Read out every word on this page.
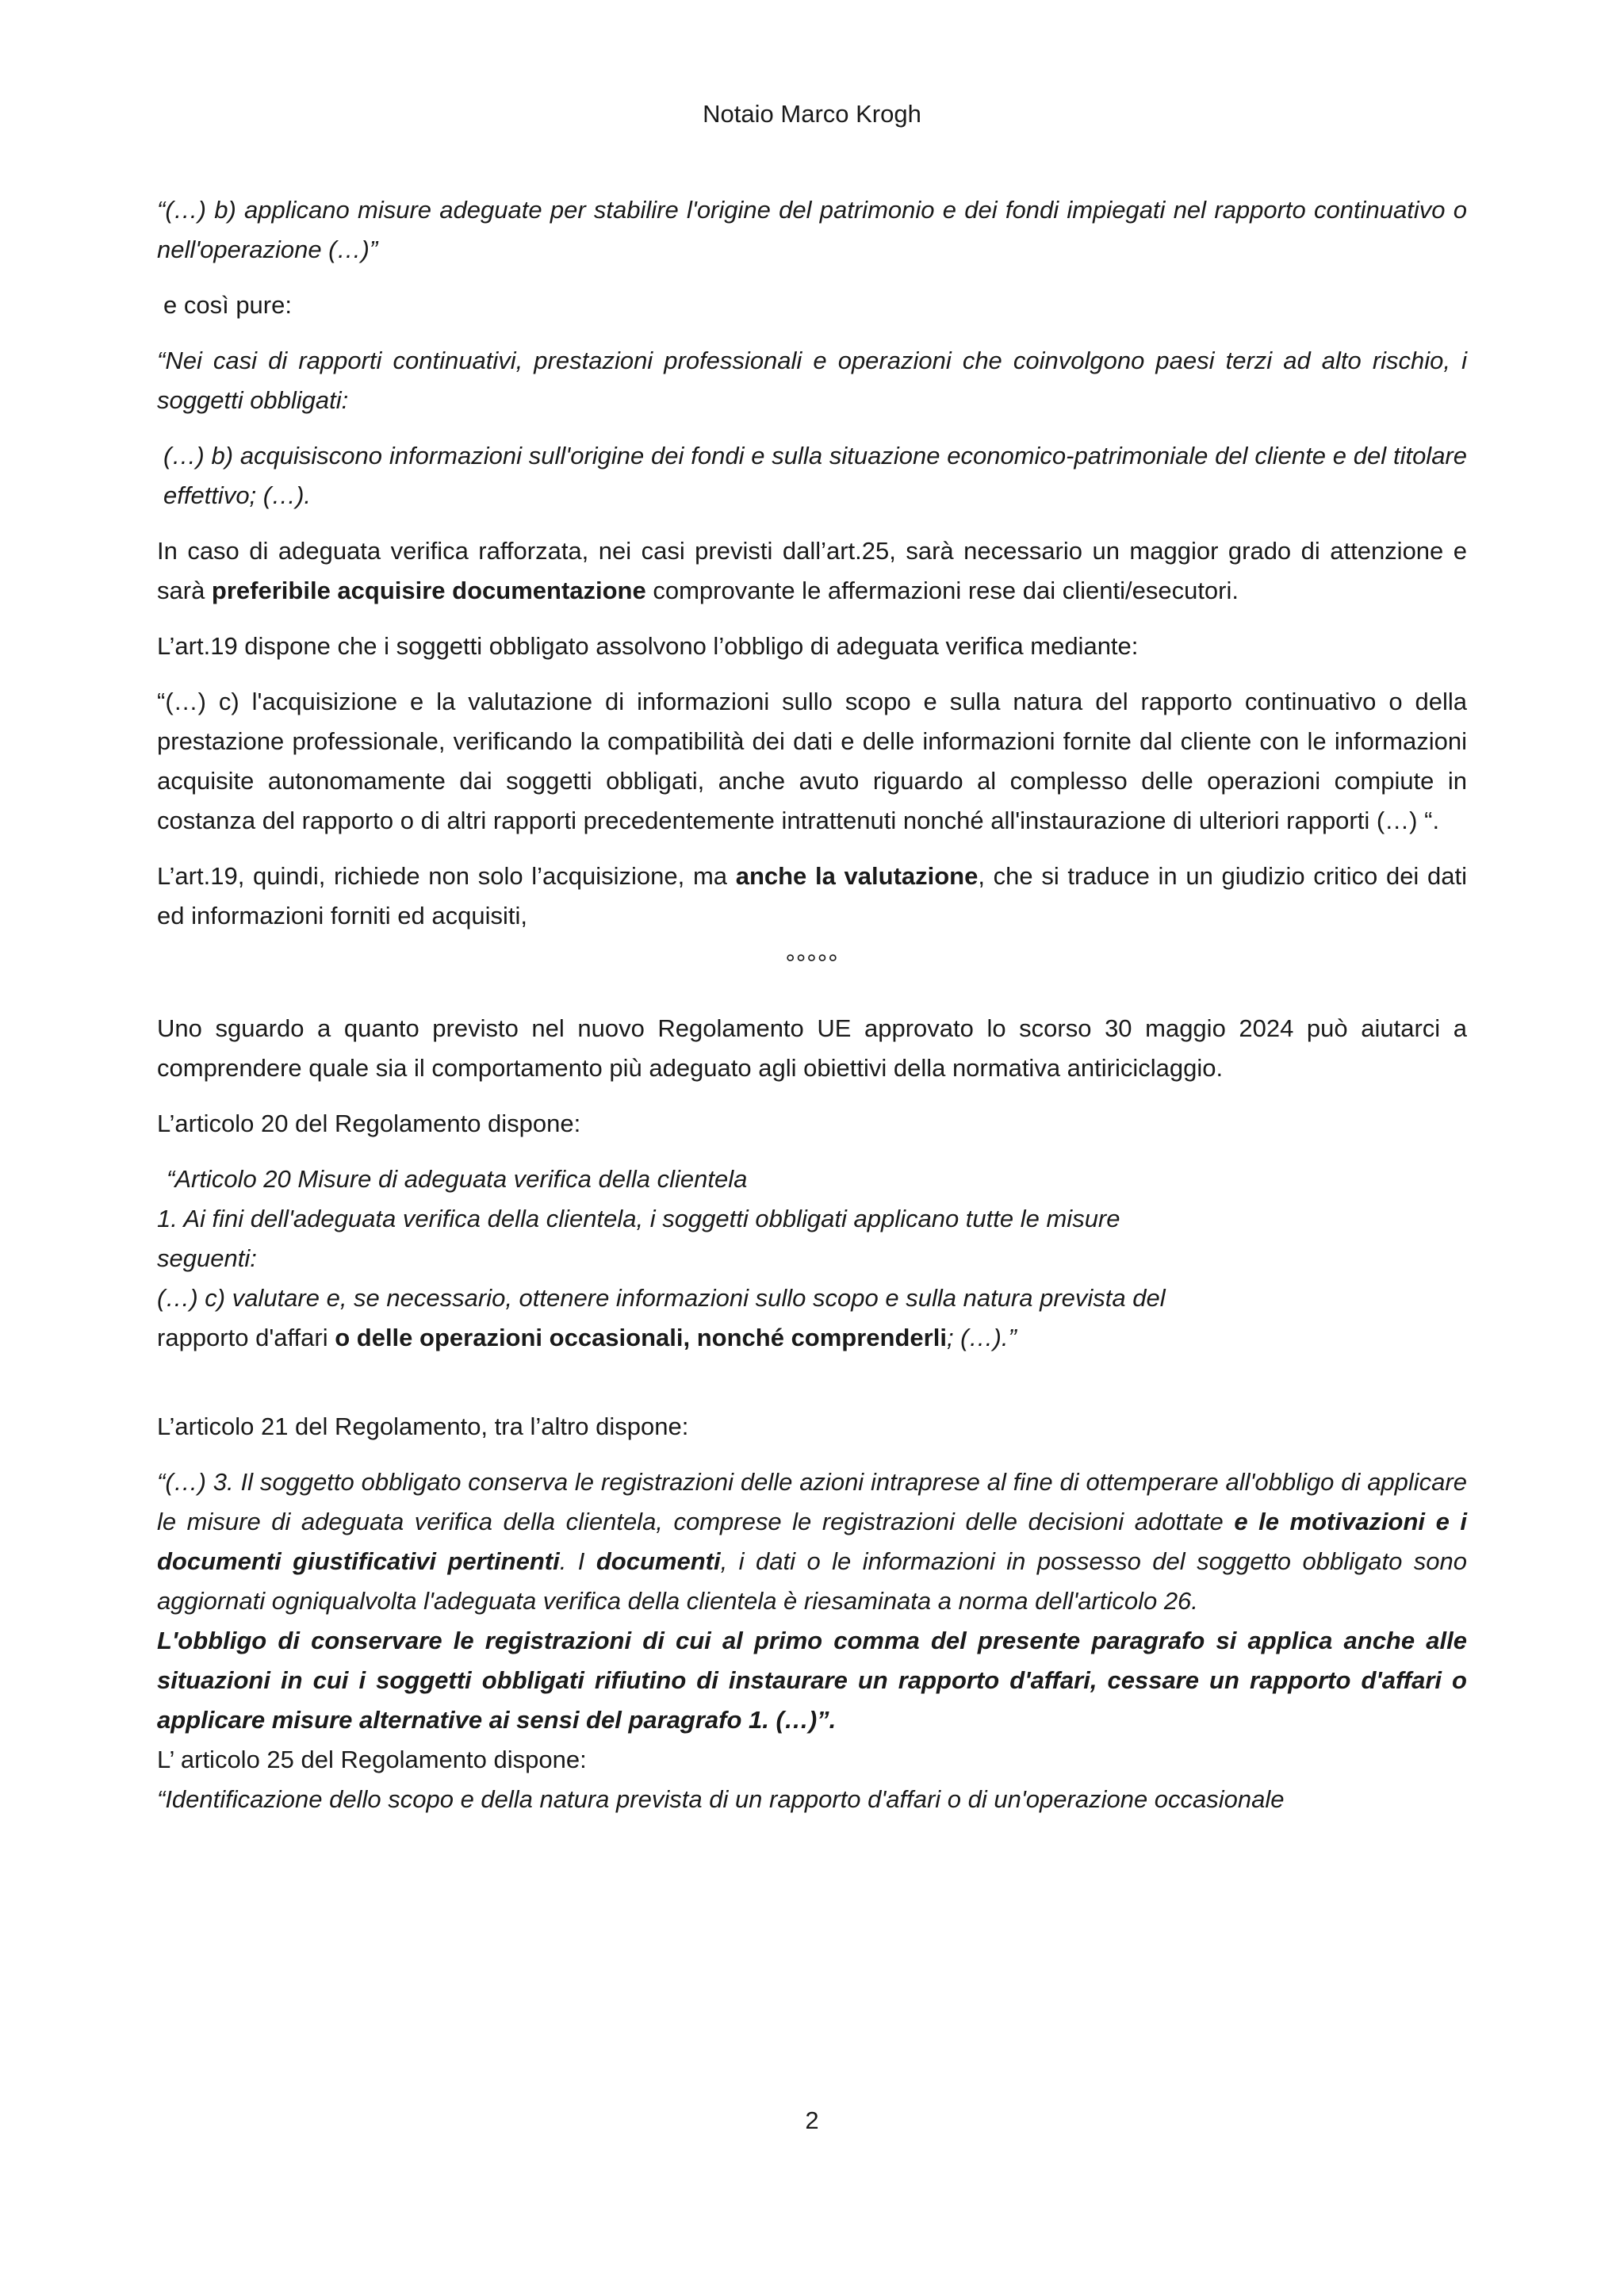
Notaio Marco Krogh

“(…) b) applicano misure adeguate per stabilire l'origine del patrimonio e dei fondi impiegati nel rapporto continuativo o nell'operazione (…)”

e così pure:

“Nei casi di rapporti continuativi, prestazioni professionali e operazioni che coinvolgono paesi terzi ad alto rischio, i soggetti obbligati:

(…) b) acquisiscono informazioni sull'origine dei fondi e sulla situazione economico-patrimoniale del cliente e del titolare effettivo; (…).

In caso di adeguata verifica rafforzata, nei casi previsti dall’art.25, sarà necessario un maggior grado di attenzione e sarà preferibile acquisire documentazione comprovante le affermazioni rese dai clienti/esecutori.

L’art.19 dispone che i soggetti obbligato assolvono l’obbligo di adeguata verifica mediante:

“(…) c) l'acquisizione e la valutazione di informazioni sullo scopo e sulla natura del rapporto continuativo o della prestazione professionale, verificando la compatibilità dei dati e delle informazioni fornite dal cliente con le informazioni acquisite autonomamente dai soggetti obbligati, anche avuto riguardo al complesso delle operazioni compiute in costanza del rapporto o di altri rapporti precedentemente intrattenuti nonché all'instaurazione di ulteriori rapporti (…) “.

L’art.19, quindi, richiede non solo l’acquisizione, ma anche la valutazione, che si traduce in un giudizio critico dei dati ed informazioni forniti ed acquisiti,

°°°°°

Uno sguardo a quanto previsto nel nuovo Regolamento UE approvato lo scorso 30 maggio 2024 può aiutarci a comprendere quale sia il comportamento più adeguato agli obiettivi della normativa antiriciclaggio.

L’articolo 20 del Regolamento dispone:

“Articolo 20 Misure di adeguata verifica della clientela
1. Ai fini dell'adeguata verifica della clientela, i soggetti obbligati applicano tutte le misure
seguenti:
(…) c) valutare e, se necessario, ottenere informazioni sullo scopo e sulla natura prevista del
rapporto d'affari o delle operazioni occasionali, nonché comprenderli; (…).”

L’articolo 21 del Regolamento, tra l’altro dispone:

“(…) 3. Il soggetto obbligato conserva le registrazioni delle azioni intraprese al fine di ottemperare all'obbligo di applicare le misure di adeguata verifica della clientela, comprese le registrazioni delle decisioni adottate e le motivazioni e i documenti giustificativi pertinenti. I documenti, i dati o le informazioni in possesso del soggetto obbligato sono aggiornati ogniqualvolta l'adeguata verifica della clientela è riesaminata a norma dell'articolo 26.

L'obbligo di conservare le registrazioni di cui al primo comma del presente paragrafo si applica anche alle situazioni in cui i soggetti obbligati rifiutino di instaurare un rapporto d'affari, cessare un rapporto d'affari o applicare misure alternative ai sensi del paragrafo 1. (…)”.

L’ articolo 25 del Regolamento dispone:

“Identificazione dello scopo e della natura prevista di un rapporto d'affari o di un'operazione occasionale

2
